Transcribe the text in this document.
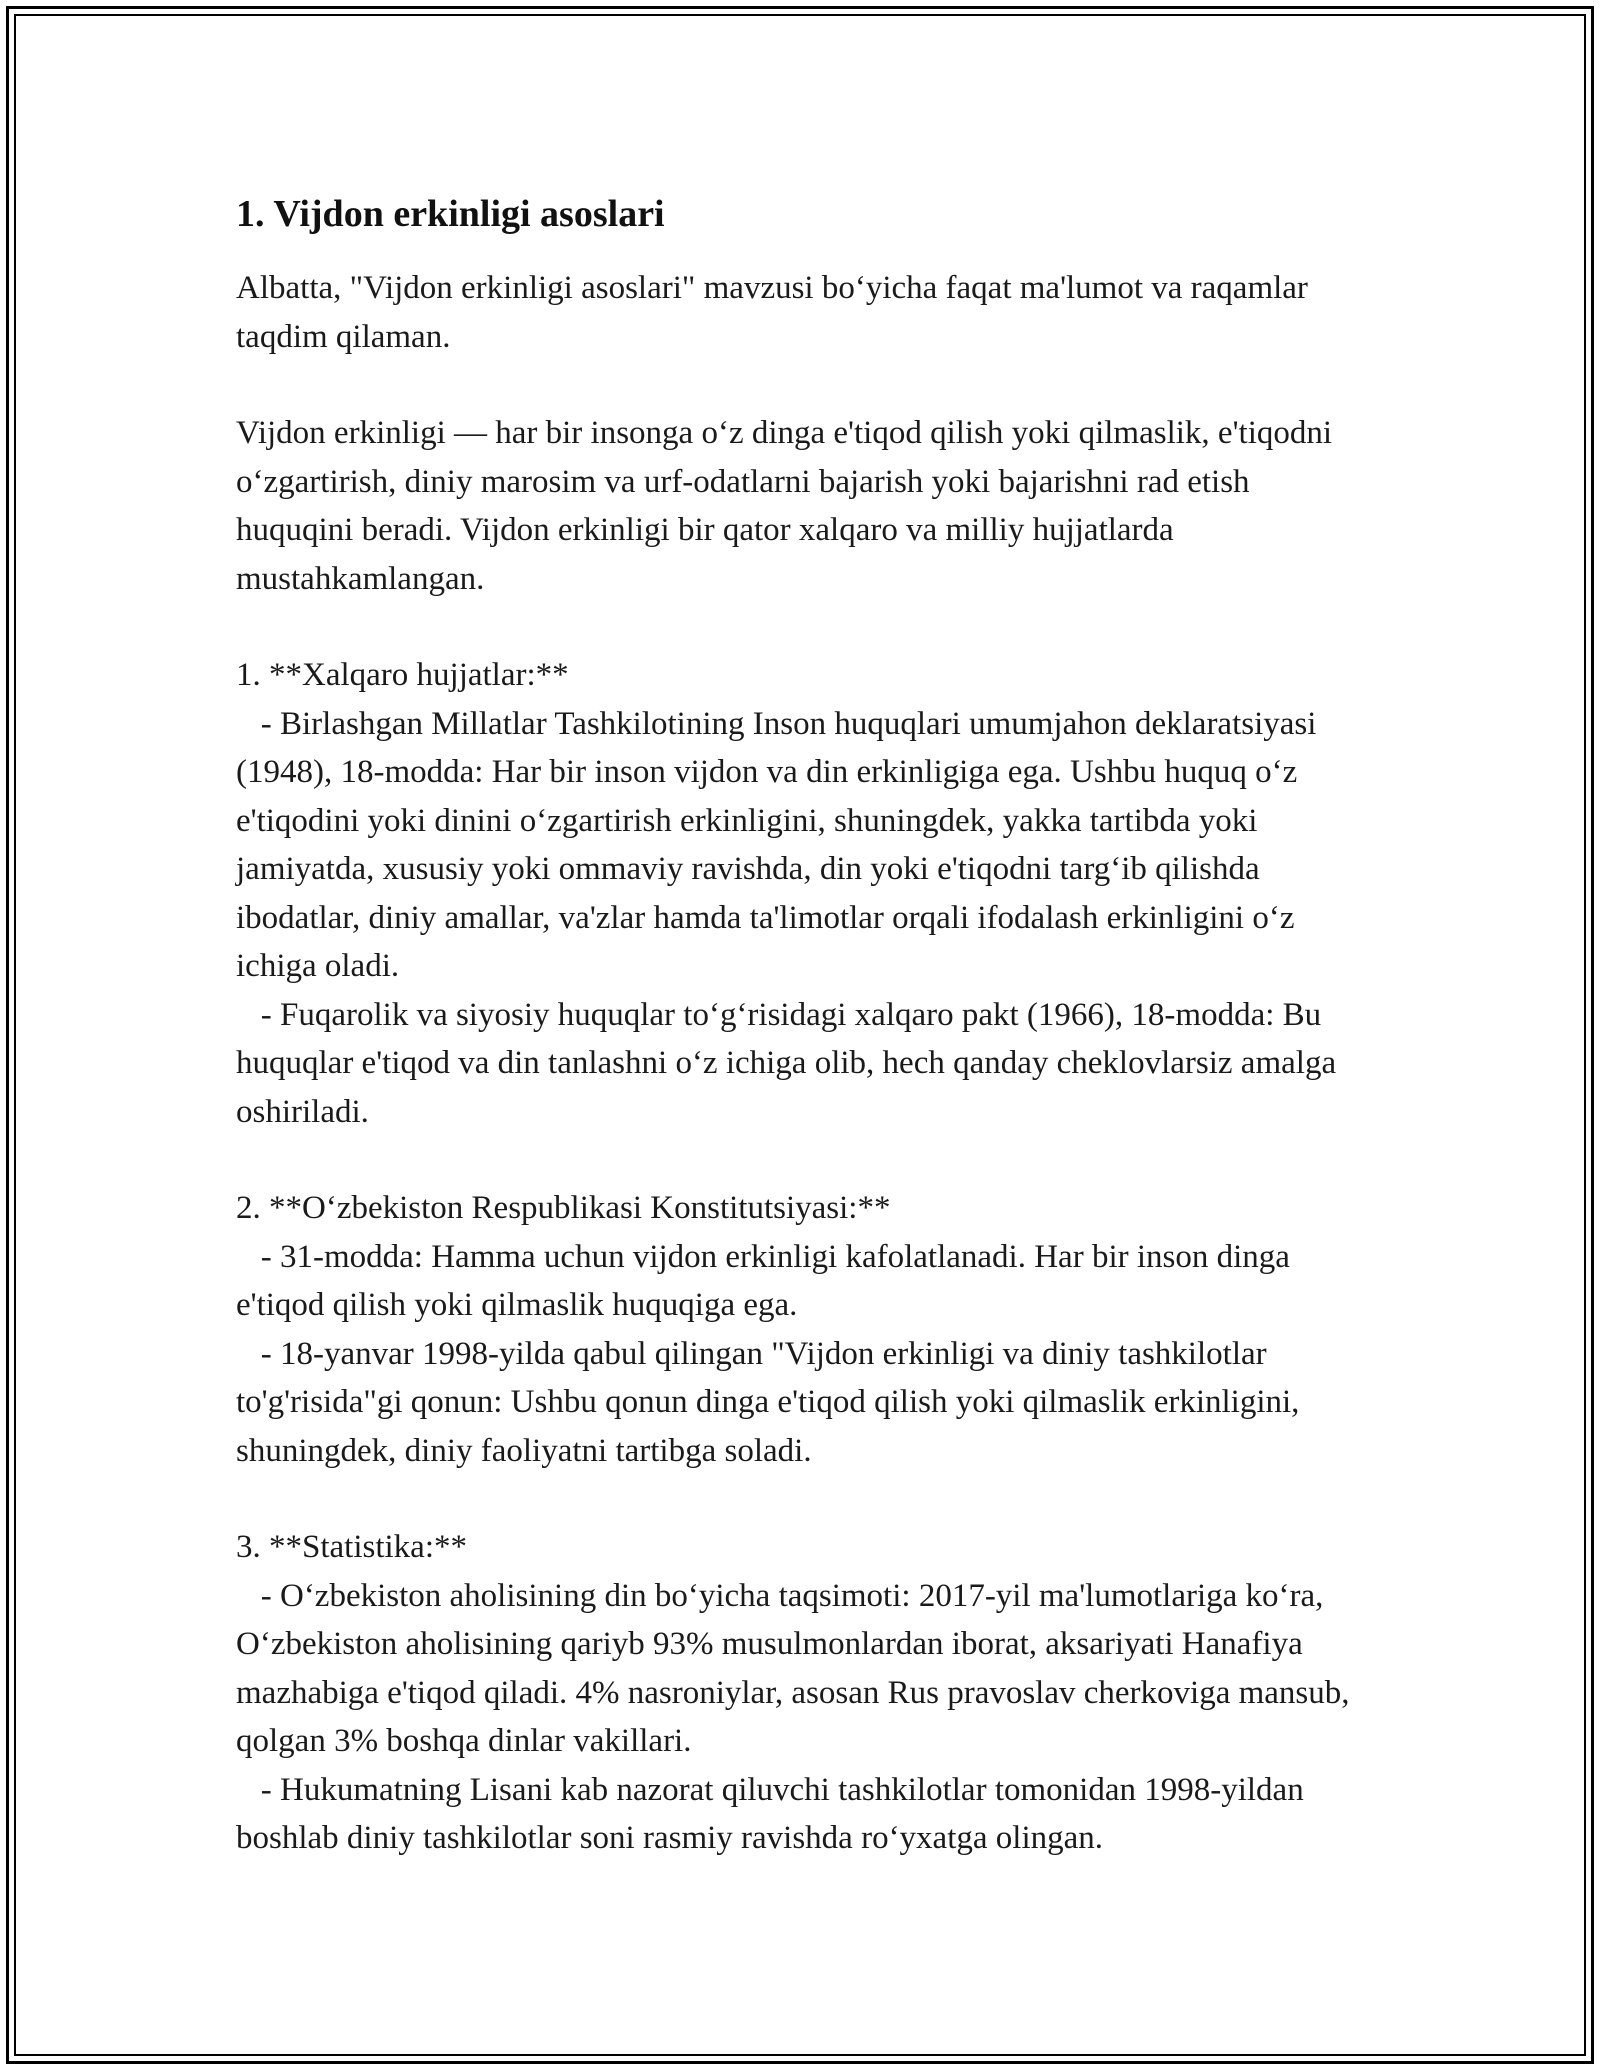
1. Vijdon erkinligi asoslari

Albatta, "Vijdon erkinligi asoslari" mavzusi boʻyicha faqat ma'lumot va raqamlar taqdim qilaman.

Vijdon erkinligi — har bir insonga oʻz dinga e'tiqod qilish yoki qilmaslik, e'tiqodni oʻzgartirish, diniy marosim va urf-odatlarni bajarish yoki bajarishni rad etish huquqini beradi. Vijdon erkinligi bir qator xalqaro va milliy hujjatlarda mustahkamlangan.

1. **Xalqaro hujjatlar:**
- Birlashgan Millatlar Tashkilotining Inson huquqlari umumjahon deklaratsiyasi (1948), 18-modda: Har bir inson vijdon va din erkinligiga ega. Ushbu huquq oʻz e'tiqodini yoki dinini oʻzgartirish erkinligini, shuningdek, yakka tartibda yoki jamiyatda, xususiy yoki ommaviy ravishda, din yoki e'tiqodni targʻib qilishda ibodatlar, diniy amallar, va'zlar hamda ta'limotlar orqali ifodalash erkinligini oʻz ichiga oladi.
- Fuqarolik va siyosiy huquqlar toʻgʻrisidagi xalqaro pakt (1966), 18-modda: Bu huquqlar e'tiqod va din tanlashni oʻz ichiga olib, hech qanday cheklovlarsiz amalga oshiriladi.

2. **Oʻzbekiston Respublikasi Konstitutsiyasi:**
- 31-modda: Hamma uchun vijdon erkinligi kafolatlanadi. Har bir inson dinga e'tiqod qilish yoki qilmaslik huquqiga ega.
- 18-yanvar 1998-yilda qabul qilingan "Vijdon erkinligi va diniy tashkilotlar to'g'risida"gi qonun: Ushbu qonun dinga e'tiqod qilish yoki qilmaslik erkinligini, shuningdek, diniy faoliyatni tartibga soladi.

3. **Statistika:**
- Oʻzbekiston aholisining din boʻyicha taqsimoti: 2017-yil ma'lumotlariga koʻra, Oʻzbekiston aholisining qariyb 93% musulmonlardan iborat, aksariyati Hanafiya mazhabiga e'tiqod qiladi. 4% nasroniylar, asosan Rus pravoslav cherkoviga mansub, qolgan 3% boshqa dinlar vakillari.
- Hukumatning Lisani kab nazorat qiluvchi tashkilotlar tomonidan 1998-yildan boshlab diniy tashkilotlar soni rasmiy ravishda roʻyxatga olingan.
